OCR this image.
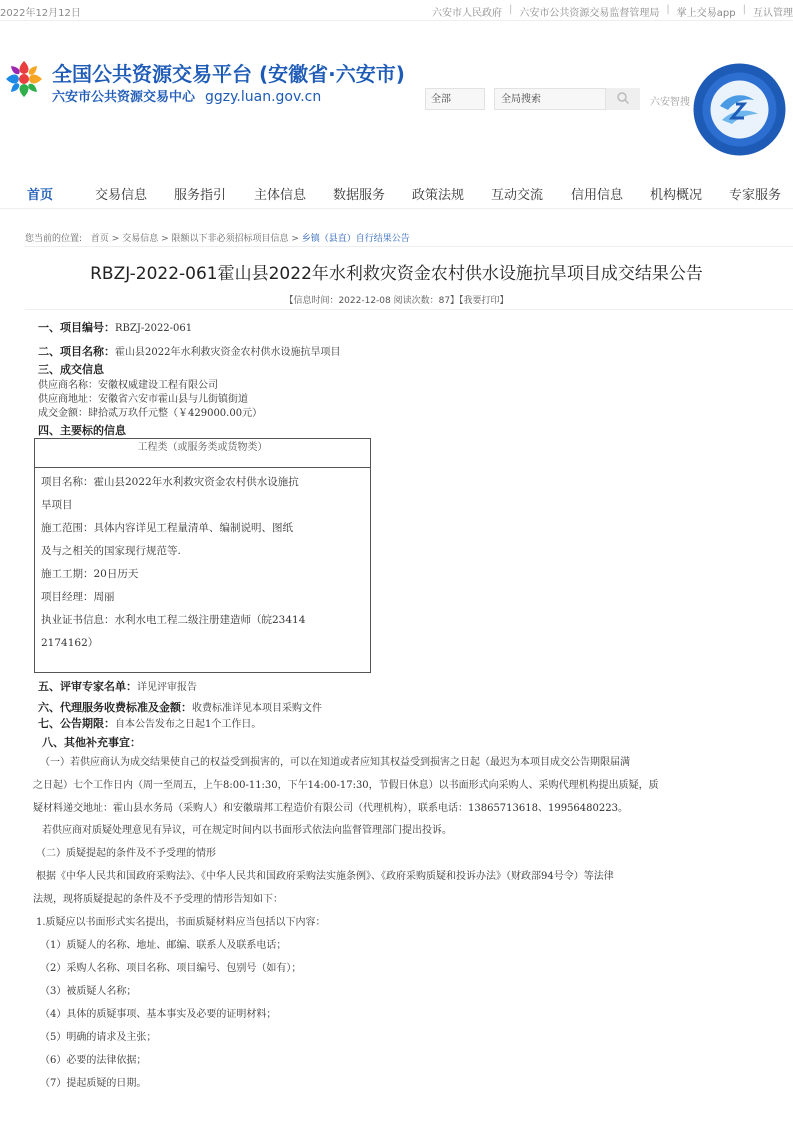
2022年12月12日	六安市人民政府 | 六安市公共资源交易监督管理局 | 掌上交易app | 互认管理
全国公共资源交易平台 (安徽省·六安市)
六安市公共资源交易中心 ggzy.luan.gov.cn	全部
全局搜索	六安智搜
首页	交易信息 服务指引 主体信息 数据服务 政策法规 互动交流 信用信息 机构概况 专家服务
您当前的位置: 首页 > 交易信息 > 限额以下非必须招标项目信息 > 乡镇（县直）自行结果公告
RBZJ-2022-061霍山县2022年水利救灾资金农村供水设施抗旱项目成交结果公告
【信息时间：2022-12-08 阅读次数：87】【我要打印】
一、项目编号：RBZJ-2022-061
二、项目名称：霍山县2022年水利救灾资金农村供水设施抗旱项目
三、成交信息
供应商名称：安徽权威建设工程有限公司
供应商地址：安徽省六安市霍山县与儿街镇街道
成交金额：肆拾贰万玖仟元整（￥429000.00元）
四、主要标的信息
工程类（或服务类或货物类）
项目名称：霍山县2022年水利救灾资金农村供水设施抗
旱项目
施工范围：具体内容详见工程量清单、编制说明、图纸
及与之相关的国家现行规范等.
施工工期：20日历天
项目经理：周丽
执业证书信息：水利水电工程二级注册建造师（皖23414
2174162）
五、评审专家名单：详见评审报告
六、代理服务收费标准及金额：收费标准详见本项目采购文件
七、公告期限：自本公告发布之日起1个工作日。
八、其他补充事宜：
（一）若供应商认为成交结果使自己的权益受到损害的，可以在知道或者应知其权益受到损害之日起（最迟为本项目成交公告期限届满
之日起）七个工作日内（周一至周五，上午8:00-11:30，下午14:00-17:30，节假日休息）以书面形式向采购人、采购代理机构提出质疑，质
疑材料递交地址：霍山县水务局（采购人）和安徽瑞邦工程造价有限公司（代理机构），联系电话：13865713618、19956480223。
若供应商对质疑处理意见有异议，可在规定时间内以书面形式依法向监督管理部门提出投诉。
（二）质疑提起的条件及不予受理的情形
根据《中华人民共和国政府采购法》、《中华人民共和国政府采购法实施条例》、《政府采购质疑和投诉办法》（财政部94号令）等法律
法规，现将质疑提起的条件及不予受理的情形告知如下：
1.质疑应以书面形式实名提出，书面质疑材料应当包括以下内容：
（1）质疑人的名称、地址、邮编、联系人及联系电话；
（2）采购人名称、项目名称、项目编号、包别号（如有）；
（3）被质疑人名称；
（4）具体的质疑事项、基本事实及必要的证明材料；
（5）明确的请求及主张；
（6）必要的法律依据；
（7）提起质疑的日期。
